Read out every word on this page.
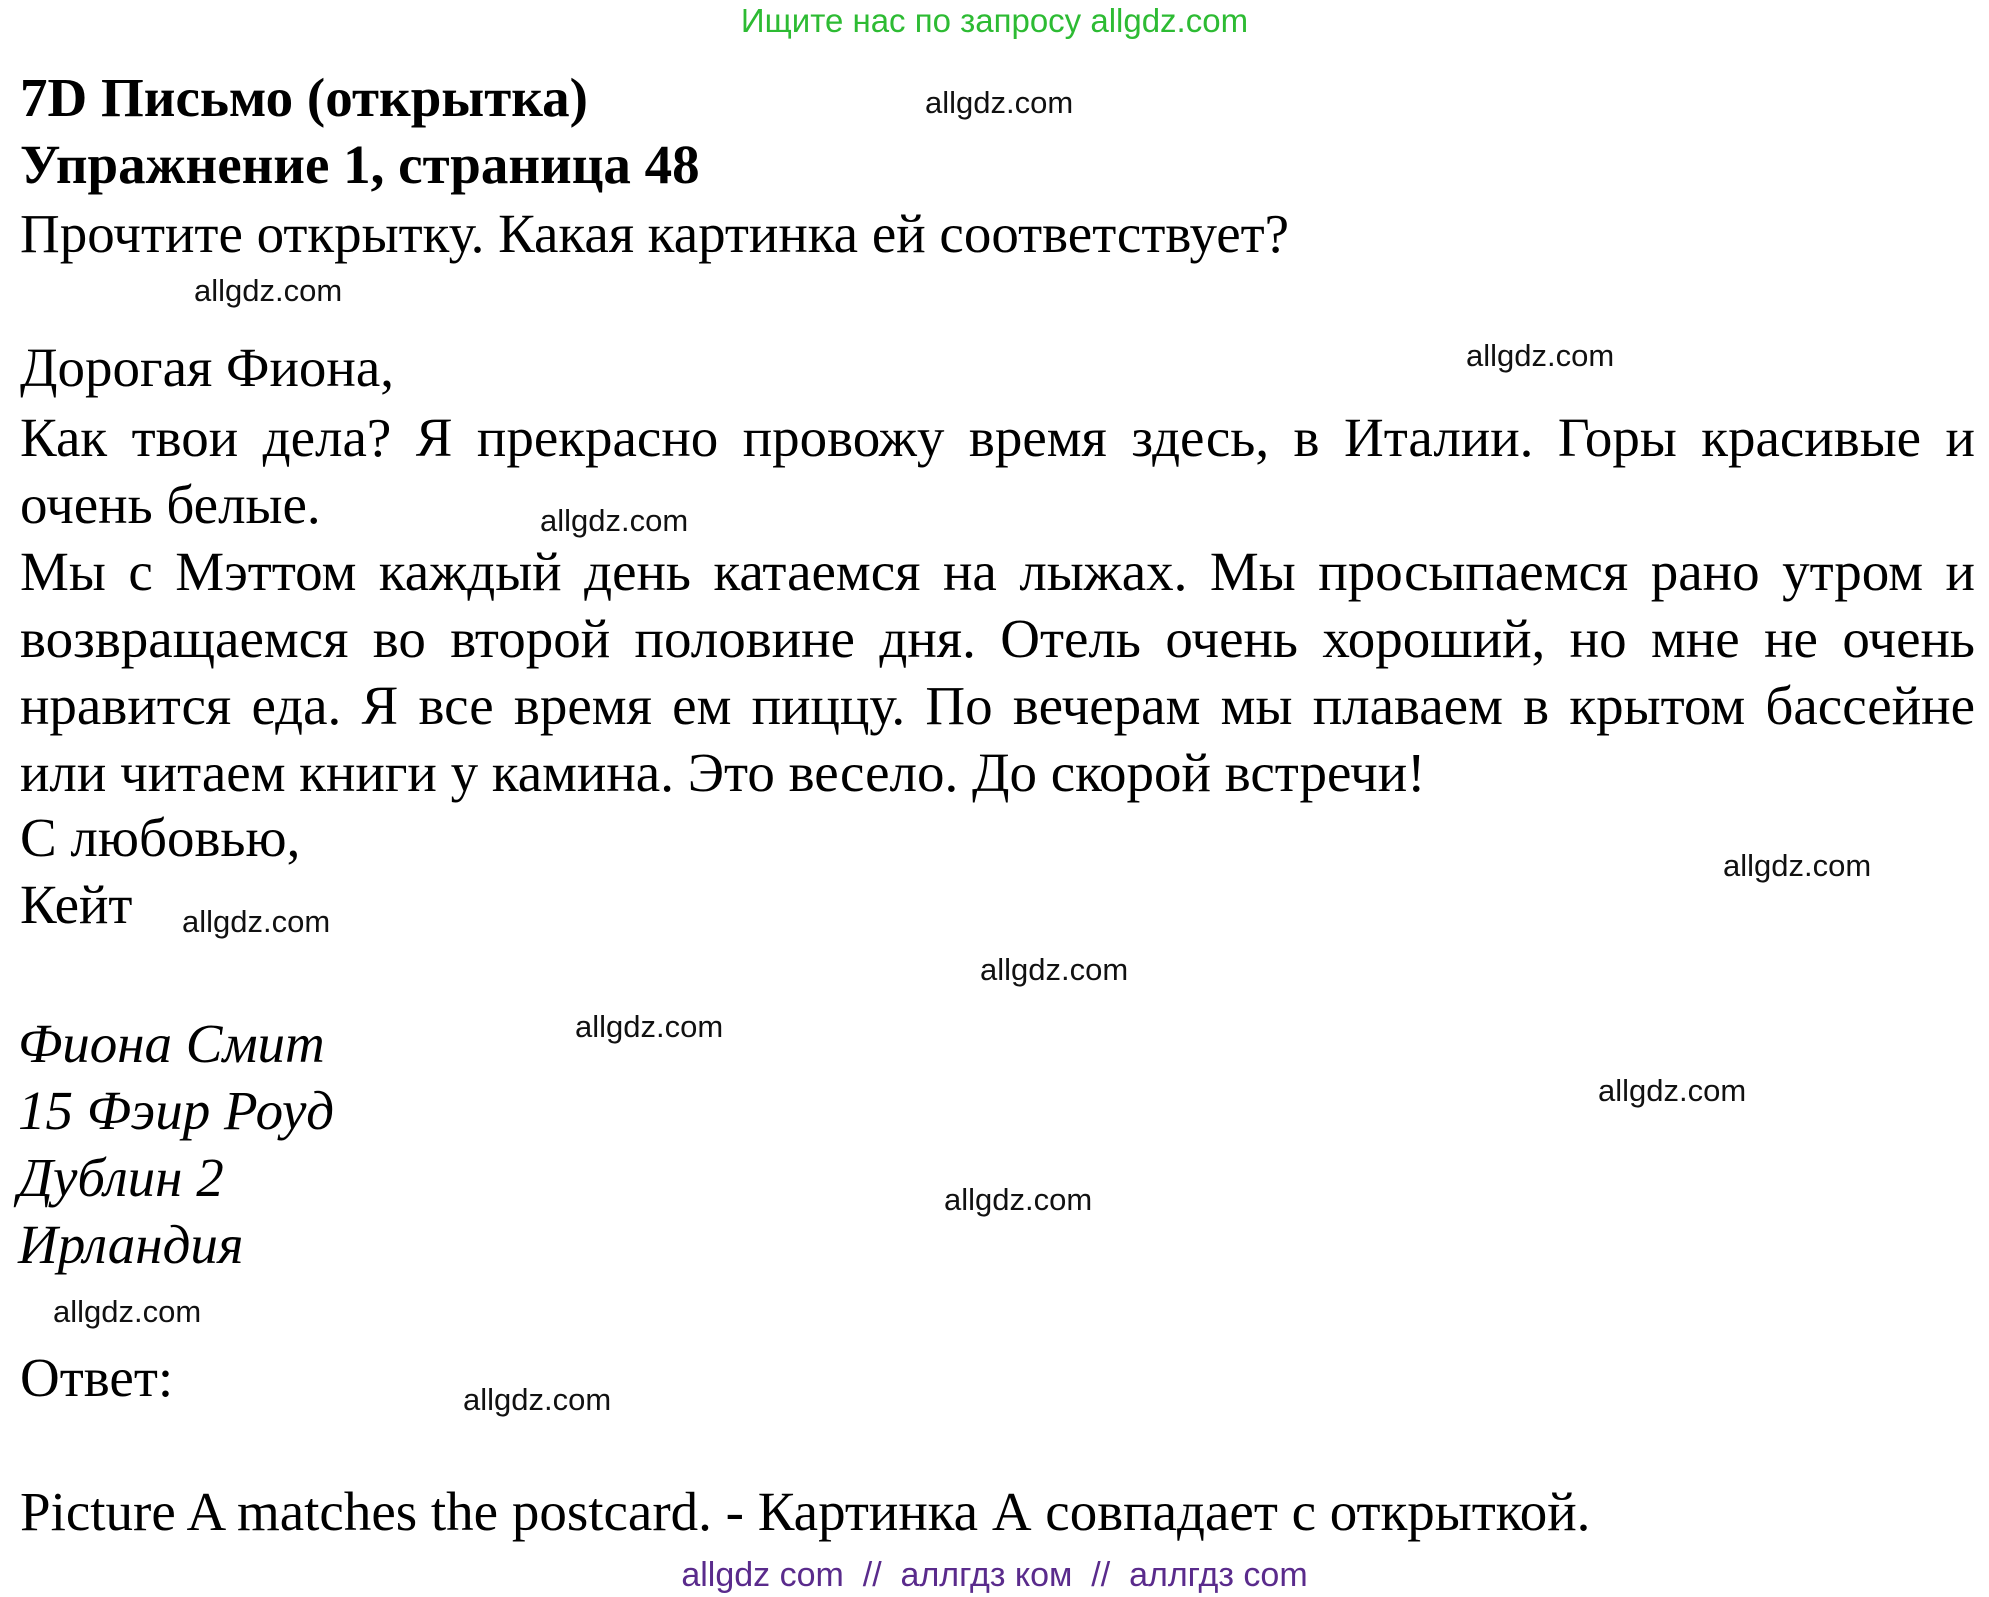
Ищите нас по запросу allgdz.com
7D Письмо (открытка)
Упражнение 1, страница 48
Прочтите открытку. Какая картинка ей соответствует?
Дорогая Фиона,

Как твои дела? Я прекрасно провожу время здесь, в Италии. Горы красивые и очень белые.

Мы с Мэттом каждый день катаемся на лыжах. Мы просыпаемся рано утром и возвращаемся во второй половине дня. Отель очень хороший, но мне не очень нравится еда. Я все время ем пиццу. По вечерам мы плаваем в крытом бассейне или читаем книги у камина. Это весело. До скорой встречи!

С любовью,
Кейт
Фиона Смит
15 Фэир Роуд
Дублин 2
Ирландия
Ответ:
Picture A matches the postcard. - Картинка А совпадает с открыткой.
allgdz.com
allgdz.com
allgdz.com
allgdz.com
allgdz.com
allgdz.com
allgdz.com
allgdz.com
allgdz.com
allgdz.com
allgdz.com
allgdz.com
allgdz com  //  аллгдз ком  //  аллгдз com
